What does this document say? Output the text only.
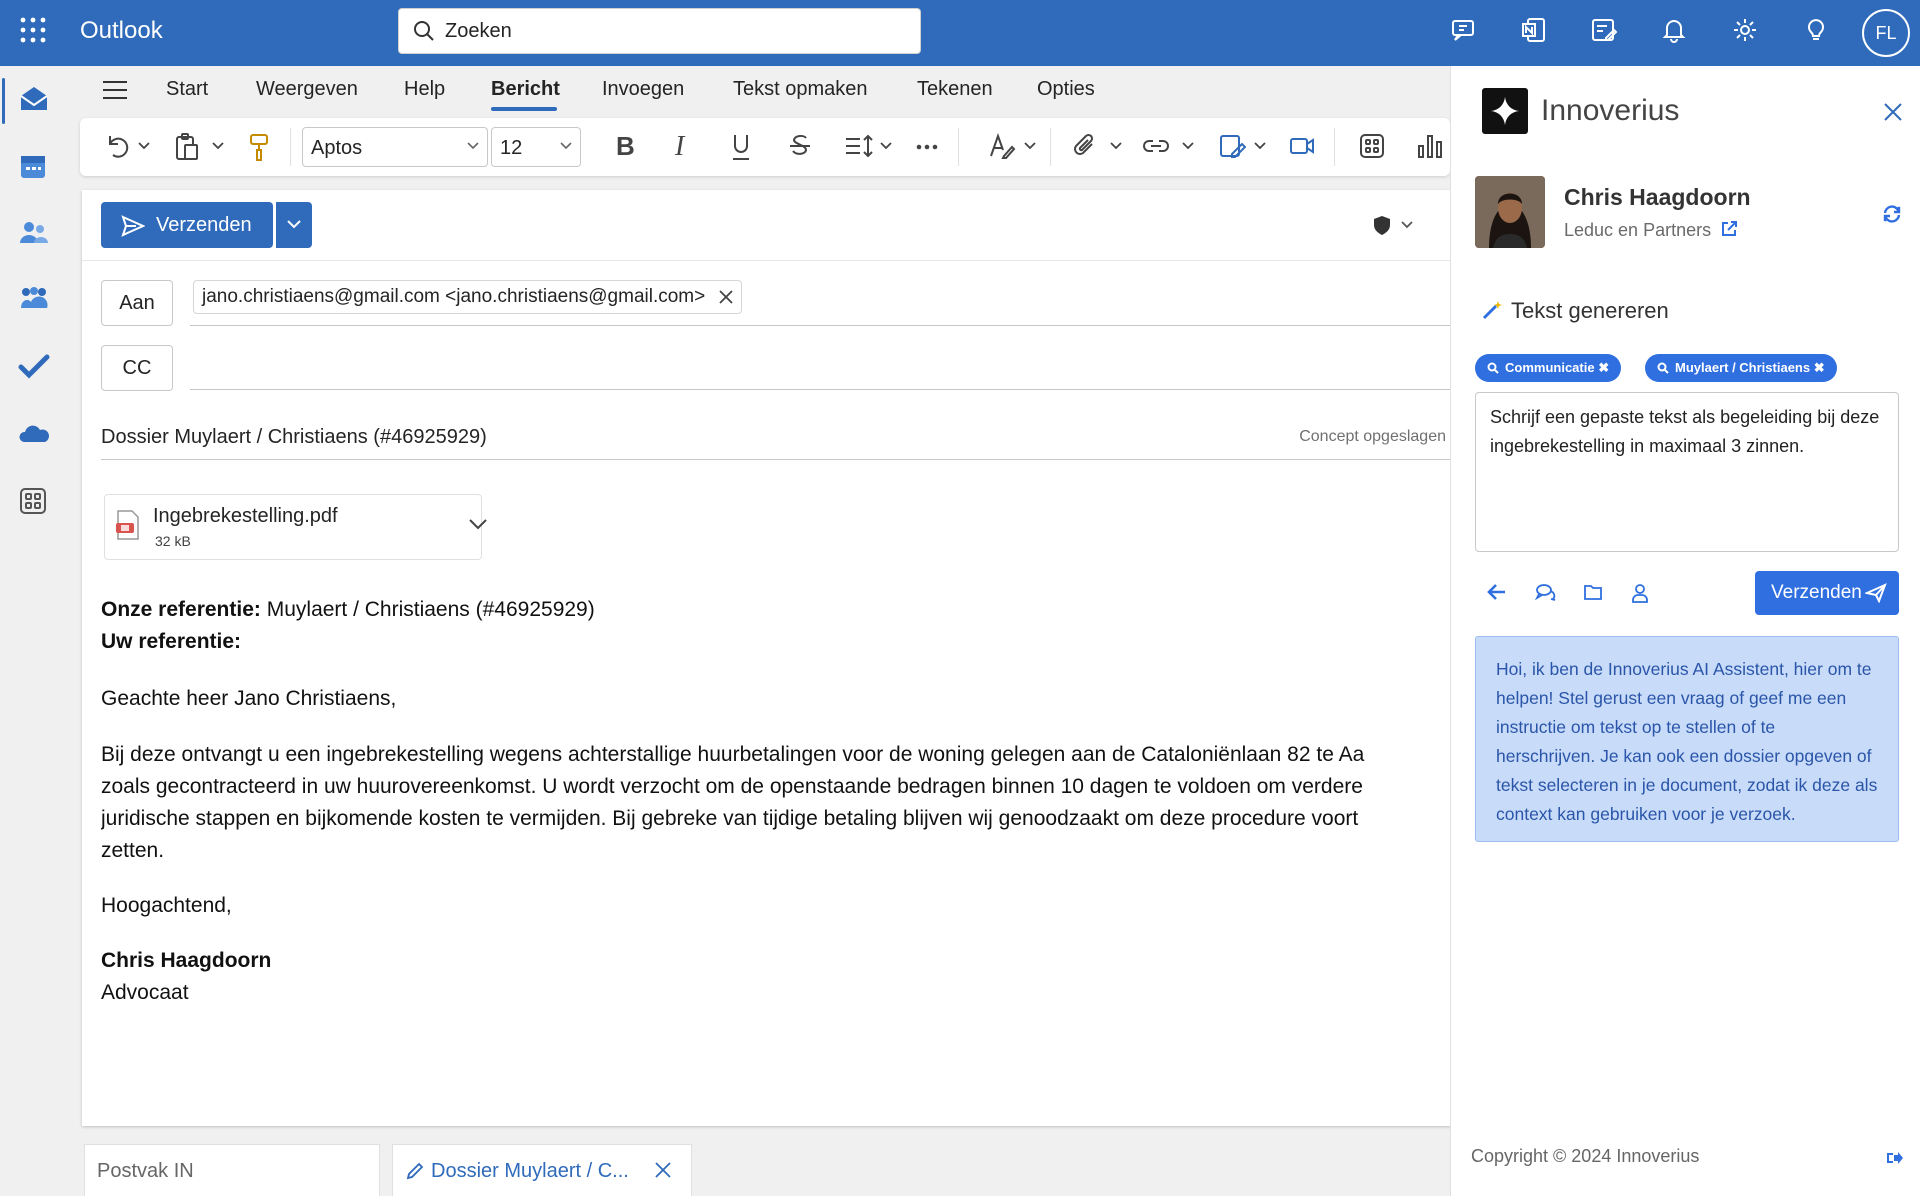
Outlook	Zoeken	FL
Start Weergeven Help Bericht Invoegen Tekst opmaken Tekenen Opties
Aptos	12	B I
Verzenden
Aan	jano.christiaens@gmail.com <jano.christiaens@gmail.com>
CC
Dossier Muylaert / Christiaens (#46925929)	Concept opgeslagen
Ingebrekestelling.pdf
32 kB

Onze referentie: Muylaert / Christiaens (#46925929)

Uw referentie:

Geachte heer Jano Christiaens,

Bij deze ontvangt u een ingebrekestelling wegens achterstallige huurbetalingen voor de woning gelegen aan de Cataloniënlaan 82 te Aa

zoals gecontracteerd in uw huurovereenkomst. U wordt verzocht om de openstaande bedragen binnen 10 dagen te voldoen om verdere

juridische stappen en bijkomende kosten te vermijden. Bij gebreke van tijdige betaling blijven wij genoodzaakt om deze procedure voort

zetten.

Hoogachtend,

Chris Haagdoorn

Advocaat

Postvak IN	Dossier Muylaert / C...
Innoverius
Chris Haagdoorn
Leduc en Partners
Tekst genereren
Communicatie ✖	Muylaert / Christiaens ✖
Schrijf een gepaste tekst als begeleiding bij deze ingebrekestelling in maximaal 3 zinnen.
Verzenden
Hoi, ik ben de Innoverius AI Assistent, hier om te helpen! Stel gerust een vraag of geef me een instructie om tekst op te stellen of te herschrijven. Je kan ook een dossier opgeven of tekst selecteren in je document, zodat ik deze als context kan gebruiken voor je verzoek.
Copyright © 2024 Innoverius
